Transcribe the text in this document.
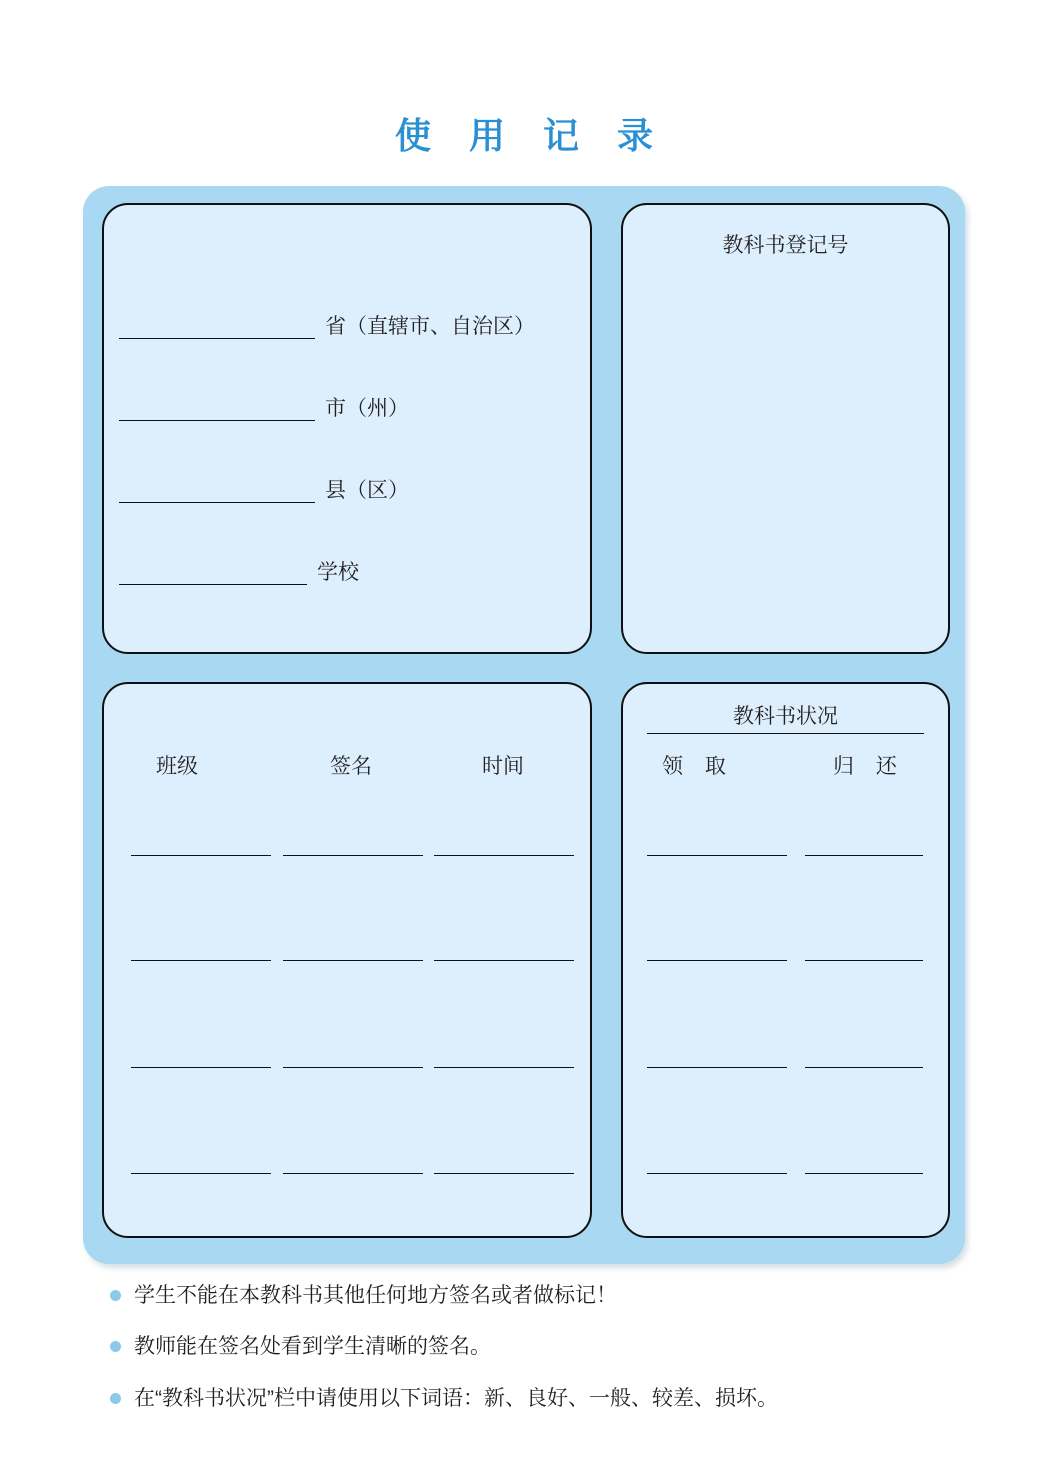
使 用 记 录
省（直辖市、自治区）
市（州）
县（区）
学校
教科书登记号
班级	签名	时间
教科书状况
领 取	归 还
学生不能在本教科书其他任何地方签名或者做标记！
教师能在签名处看到学生清晰的签名。
在“教科书状况”栏中请使用以下词语：新、良好、一般、较差、损坏。
